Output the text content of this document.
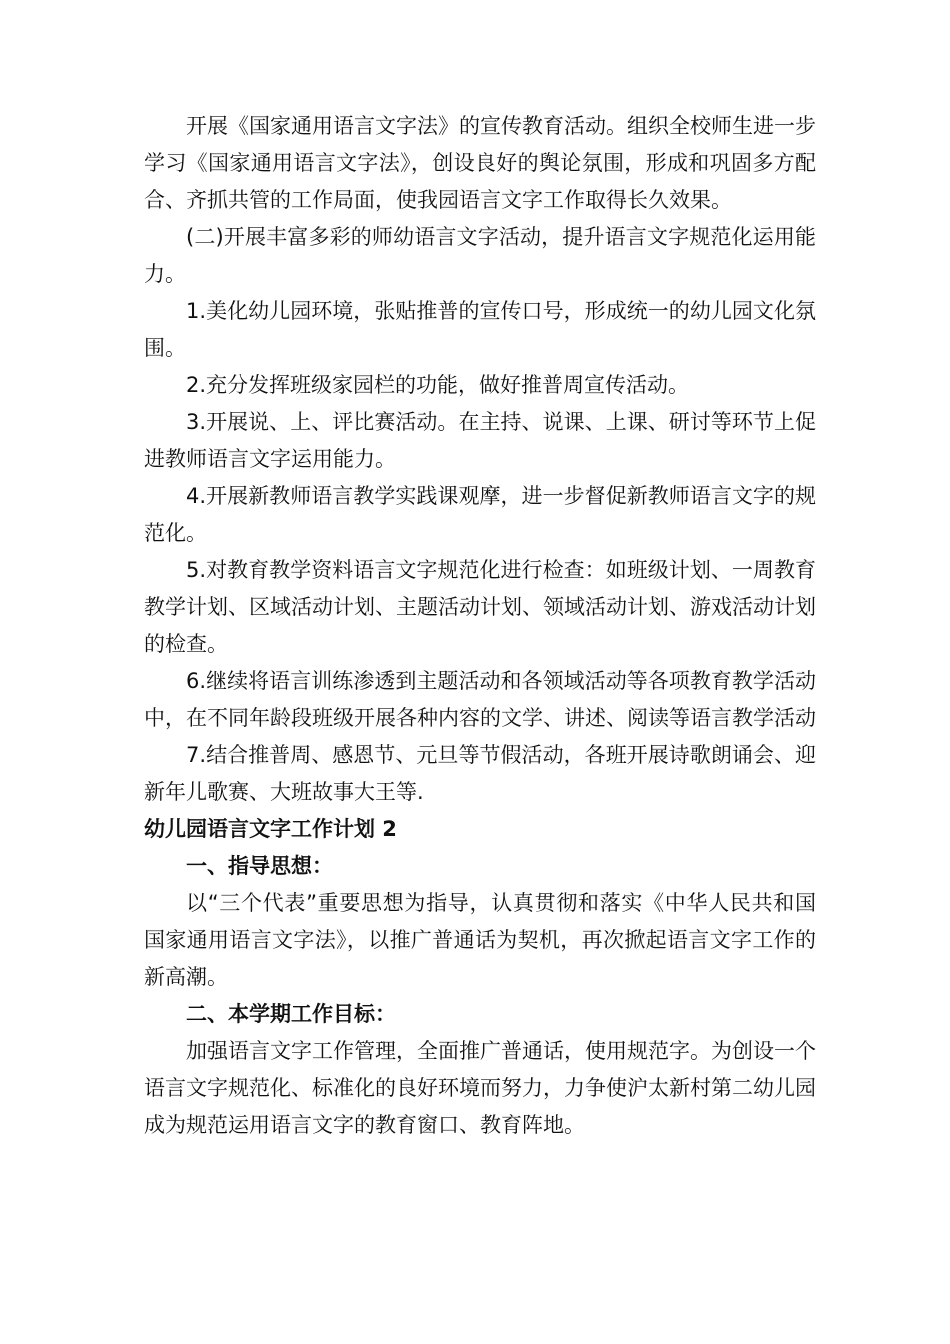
开展《国家通用语言文字法》的宣传教育活动。组织全校师生进一步学习《国家通用语言文字法》，创设良好的舆论氛围，形成和巩固多方配合、齐抓共管的工作局面，使我园语言文字工作取得长久效果。

(二)开展丰富多彩的师幼语言文字活动，提升语言文字规范化运用能力。

1.美化幼儿园环境，张贴推普的宣传口号，形成统一的幼儿园文化氛围。

2.充分发挥班级家园栏的功能，做好推普周宣传活动。

3.开展说、上、评比赛活动。在主持、说课、上课、研讨等环节上促进教师语言文字运用能力。

4.开展新教师语言教学实践课观摩，进一步督促新教师语言文字的规范化。

5.对教育教学资料语言文字规范化进行检查：如班级计划、一周教育教学计划、区域活动计划、主题活动计划、领域活动计划、游戏活动计划的检查。

6.继续将语言训练渗透到主题活动和各领域活动等各项教育教学活动中，在不同年龄段班级开展各种内容的文学、讲述、阅读等语言教学活动

7.结合推普周、感恩节、元旦等节假活动，各班开展诗歌朗诵会、迎新年儿歌赛、大班故事大王等.

幼儿园语言文字工作计划 2

一、指导思想：

以“三个代表”重要思想为指导，认真贯彻和落实《中华人民共和国国家通用语言文字法》，以推广普通话为契机，再次掀起语言文字工作的新高潮。

二、本学期工作目标：

加强语言文字工作管理，全面推广普通话，使用规范字。为创设一个语言文字规范化、标准化的良好环境而努力，力争使沪太新村第二幼儿园成为规范运用语言文字的教育窗口、教育阵地。
